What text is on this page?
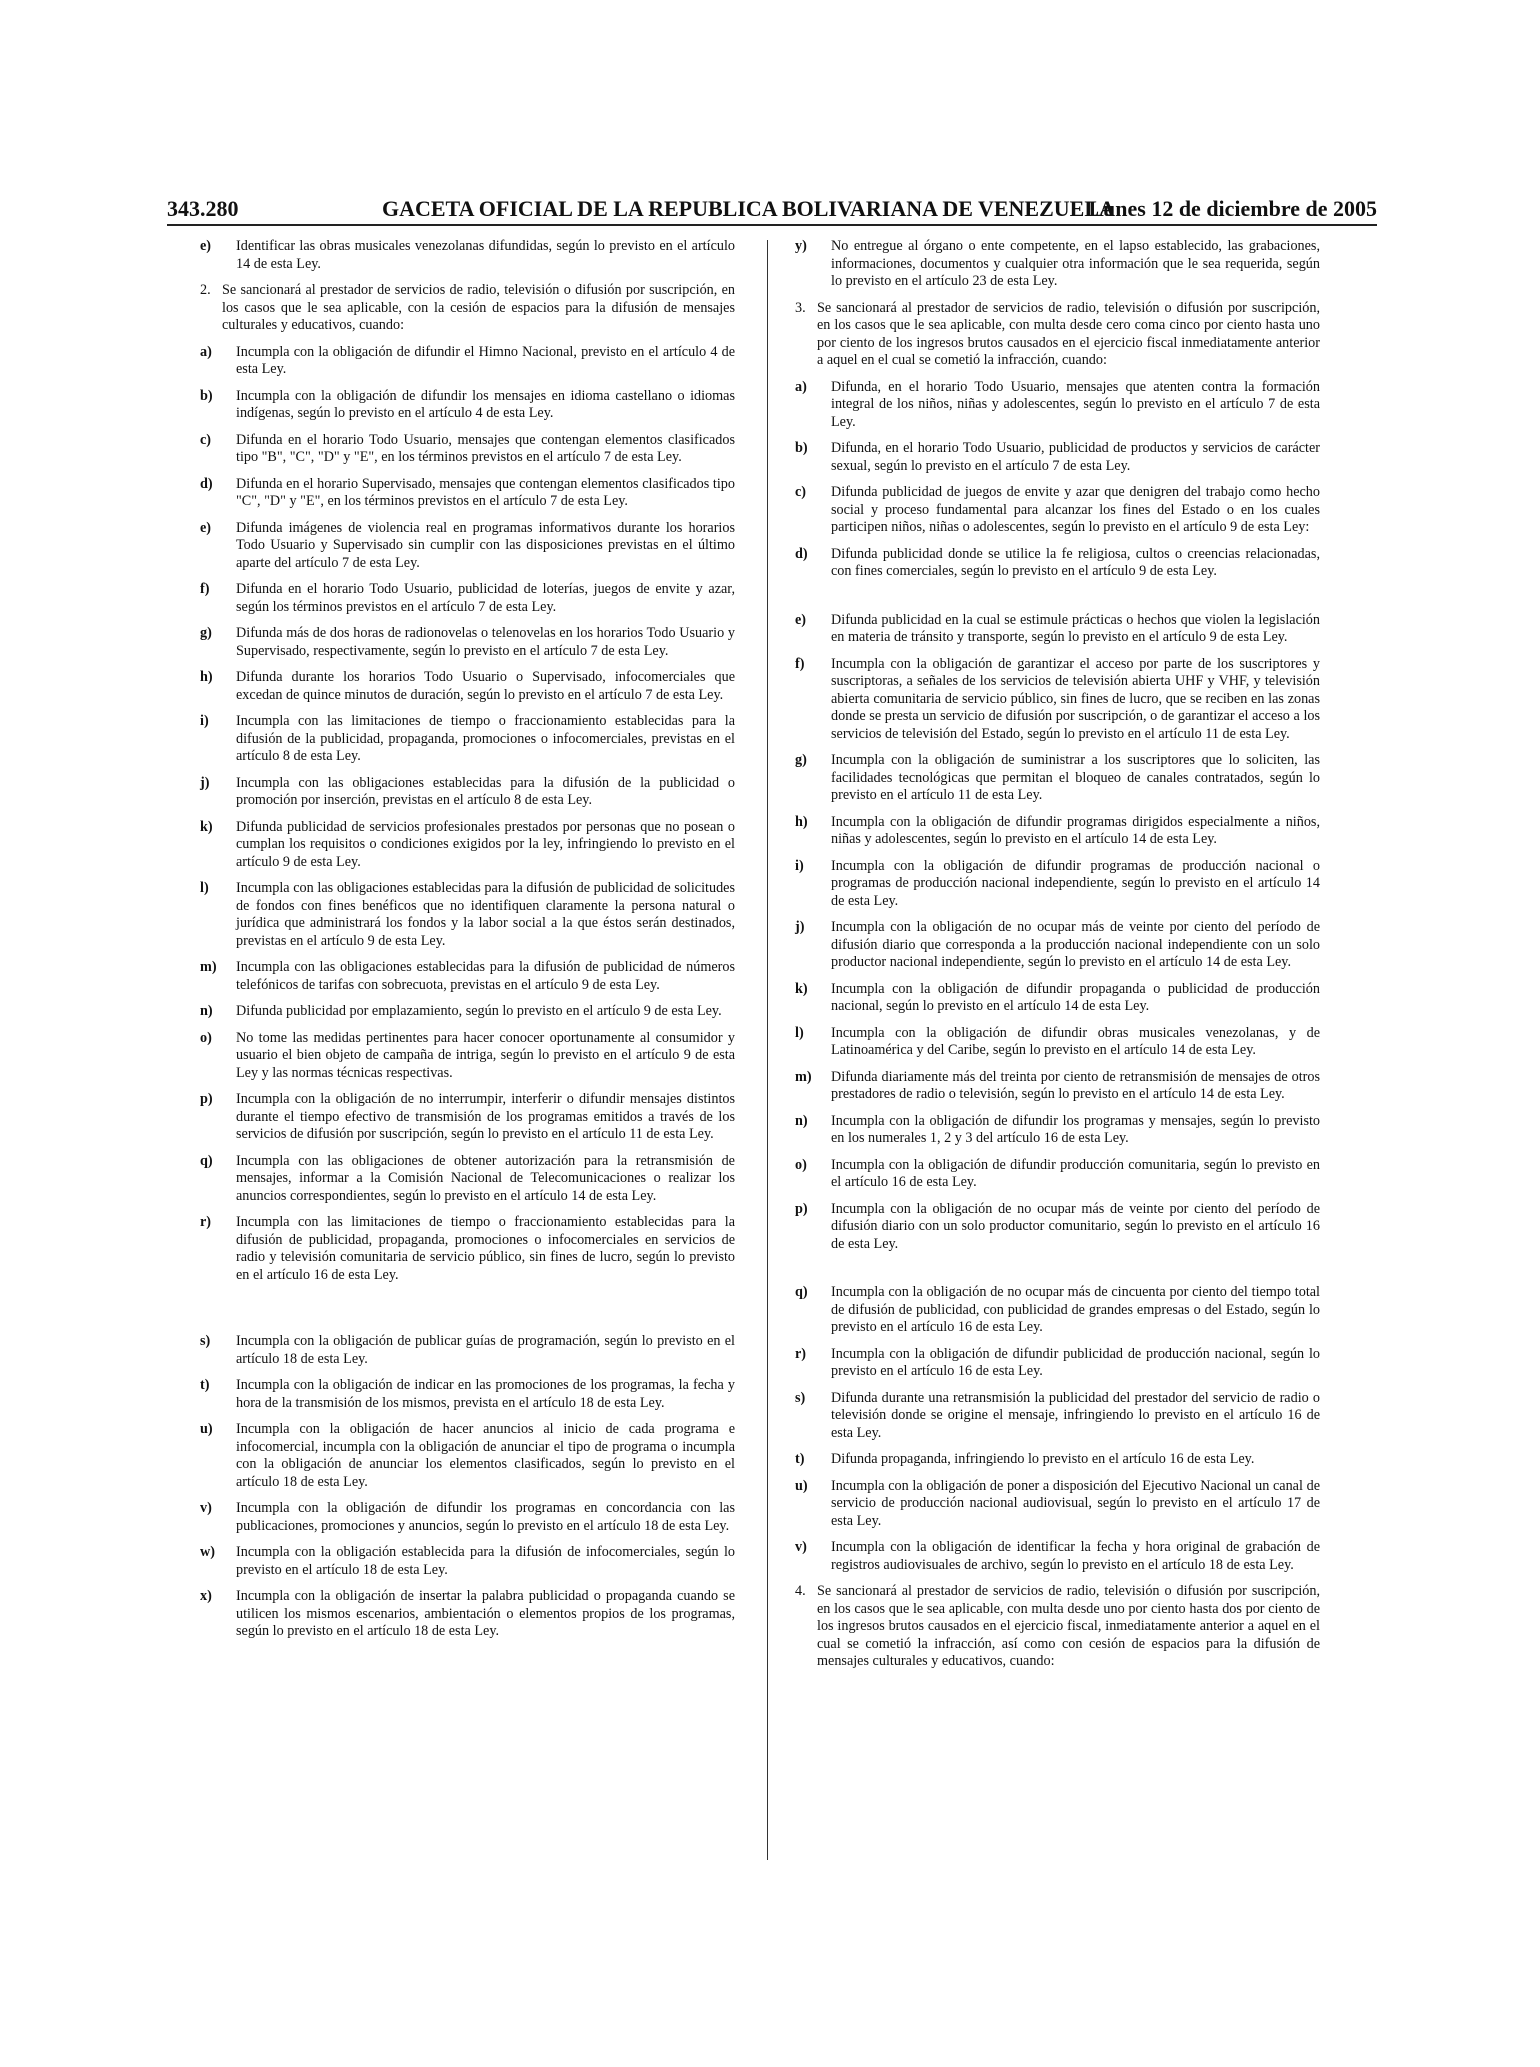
343.280	GACETA OFICIAL DE LA REPUBLICA BOLIVARIANA DE VENEZUELA
Lunes 12 de diciembre de 2005
e) Identificar las obras musicales venezolanas difundidas, según lo previsto en el artículo 14 de esta Ley.
2. Se sancionará al prestador de servicios de radio, televisión o difusión por suscripción, en los casos que le sea aplicable, con la cesión de espacios para la difusión de mensajes culturales y educativos, cuando:
a) Incumpla con la obligación de difundir el Himno Nacional, previsto en el artículo 4 de esta Ley.
b) Incumpla con la obligación de difundir los mensajes en idioma castellano o idiomas indígenas, según lo previsto en el artículo 4 de esta Ley.
c) Difunda en el horario Todo Usuario, mensajes que contengan elementos clasificados tipo "B", "C", "D" y "E", en los términos previstos en el artículo 7 de esta Ley.
d) Difunda en el horario Supervisado, mensajes que contengan elementos clasificados tipo "C", "D" y "E", en los términos previstos en el artículo 7 de esta Ley.
e) Difunda imágenes de violencia real en programas informativos durante los horarios Todo Usuario y Supervisado sin cumplir con las disposiciones previstas en el último aparte del artículo 7 de esta Ley.
f) Difunda en el horario Todo Usuario, publicidad de loterías, juegos de envite y azar, según los términos previstos en el artículo 7 de esta Ley.
g) Difunda más de dos horas de radionovelas o telenovelas en los horarios Todo Usuario y Supervisado, respectivamente, según lo previsto en el artículo 7 de esta Ley.
h) Difunda durante los horarios Todo Usuario o Supervisado, infocomerciales que excedan de quince minutos de duración, según lo previsto en el artículo 7 de esta Ley.
i) Incumpla con las limitaciones de tiempo o fraccionamiento establecidas para la difusión de la publicidad, propaganda, promociones o infocomerciales, previstas en el artículo 8 de esta Ley.
j) Incumpla con las obligaciones establecidas para la difusión de la publicidad o promoción por inserción, previstas en el artículo 8 de esta Ley.
k) Difunda publicidad de servicios profesionales prestados por personas que no posean o cumplan los requisitos o condiciones exigidos por la ley, infringiendo lo previsto en el artículo 9 de esta Ley.
l) Incumpla con las obligaciones establecidas para la difusión de publicidad de solicitudes de fondos con fines benéficos que no identifiquen claramente la persona natural o jurídica que administrará los fondos y la labor social a la que éstos serán destinados, previstas en el artículo 9 de esta Ley.
m) Incumpla con las obligaciones establecidas para la difusión de publicidad de números telefónicos de tarifas con sobrecuota, previstas en el artículo 9 de esta Ley.
n) Difunda publicidad por emplazamiento, según lo previsto en el artículo 9 de esta Ley.
o) No tome las medidas pertinentes para hacer conocer oportunamente al consumidor y usuario el bien objeto de campaña de intriga, según lo previsto en el artículo 9 de esta Ley y las normas técnicas respectivas.
p) Incumpla con la obligación de no interrumpir, interferir o difundir mensajes distintos durante el tiempo efectivo de transmisión de los programas emitidos a través de los servicios de difusión por suscripción, según lo previsto en el artículo 11 de esta Ley.
q) Incumpla con las obligaciones de obtener autorización para la retransmisión de mensajes, informar a la Comisión Nacional de Telecomunicaciones o realizar los anuncios correspondientes, según lo previsto en el artículo 14 de esta Ley.
r) Incumpla con las limitaciones de tiempo o fraccionamiento establecidas para la difusión de publicidad, propaganda, promociones o infocomerciales en servicios de radio y televisión comunitaria de servicio público, sin fines de lucro, según lo previsto en el artículo 16 de esta Ley.
s) Incumpla con la obligación de publicar guías de programación, según lo previsto en el artículo 18 de esta Ley.
t) Incumpla con la obligación de indicar en las promociones de los programas, la fecha y hora de la transmisión de los mismos, prevista en el artículo 18 de esta Ley.
u) Incumpla con la obligación de hacer anuncios al inicio de cada programa e infocomercial, incumpla con la obligación de anunciar el tipo de programa o incumpla con la obligación de anunciar los elementos clasificados, según lo previsto en el artículo 18 de esta Ley.
v) Incumpla con la obligación de difundir los programas en concordancia con las publicaciones, promociones y anuncios, según lo previsto en el artículo 18 de esta Ley.
w) Incumpla con la obligación establecida para la difusión de infocomerciales, según lo previsto en el artículo 18 de esta Ley.
x) Incumpla con la obligación de insertar la palabra publicidad o propaganda cuando se utilicen los mismos escenarios, ambientación o elementos propios de los programas, según lo previsto en el artículo 18 de esta Ley.
y) No entregue al órgano o ente competente, en el lapso establecido, las grabaciones, informaciones, documentos y cualquier otra información que le sea requerida, según lo previsto en el artículo 23 de esta Ley.
3. Se sancionará al prestador de servicios de radio, televisión o difusión por suscripción, en los casos que le sea aplicable, con multa desde cero coma cinco por ciento hasta uno por ciento de los ingresos brutos causados en el ejercicio fiscal inmediatamente anterior a aquel en el cual se cometió la infracción, cuando:
a) Difunda, en el horario Todo Usuario, mensajes que atenten contra la formación integral de los niños, niñas y adolescentes, según lo previsto en el artículo 7 de esta Ley.
b) Difunda, en el horario Todo Usuario, publicidad de productos y servicios de carácter sexual, según lo previsto en el artículo 7 de esta Ley.
c) Difunda publicidad de juegos de envite y azar que denigren del trabajo como hecho social y proceso fundamental para alcanzar los fines del Estado o en los cuales participen niños, niñas o adolescentes, según lo previsto en el artículo 9 de esta Ley:
d) Difunda publicidad donde se utilice la fe religiosa, cultos o creencias relacionadas, con fines comerciales, según lo previsto en el artículo 9 de esta Ley.
e) Difunda publicidad en la cual se estimule prácticas o hechos que violen la legislación en materia de tránsito y transporte, según lo previsto en el artículo 9 de esta Ley.
f) Incumpla con la obligación de garantizar el acceso por parte de los suscriptores y suscriptoras, a señales de los servicios de televisión abierta UHF y VHF, y televisión abierta comunitaria de servicio público, sin fines de lucro, que se reciben en las zonas donde se presta un servicio de difusión por suscripción, o de garantizar el acceso a los servicios de televisión del Estado, según lo previsto en el artículo 11 de esta Ley.
g) Incumpla con la obligación de suministrar a los suscriptores que lo soliciten, las facilidades tecnológicas que permitan el bloqueo de canales contratados, según lo previsto en el artículo 11 de esta Ley.
h) Incumpla con la obligación de difundir programas dirigidos especialmente a niños, niñas y adolescentes, según lo previsto en el artículo 14 de esta Ley.
i) Incumpla con la obligación de difundir programas de producción nacional o programas de producción nacional independiente, según lo previsto en el artículo 14 de esta Ley.
j) Incumpla con la obligación de no ocupar más de veinte por ciento del período de difusión diario que corresponda a la producción nacional independiente con un solo productor nacional independiente, según lo previsto en el artículo 14 de esta Ley.
k) Incumpla con la obligación de difundir propaganda o publicidad de producción nacional, según lo previsto en el artículo 14 de esta Ley.
l) Incumpla con la obligación de difundir obras musicales venezolanas, y de Latinoamérica y del Caribe, según lo previsto en el artículo 14 de esta Ley.
m) Difunda diariamente más del treinta por ciento de retransmisión de mensajes de otros prestadores de radio o televisión, según lo previsto en el artículo 14 de esta Ley.
n) Incumpla con la obligación de difundir los programas y mensajes, según lo previsto en los numerales 1, 2 y 3 del artículo 16 de esta Ley.
o) Incumpla con la obligación de difundir producción comunitaria, según lo previsto en el artículo 16 de esta Ley.
p) Incumpla con la obligación de no ocupar más de veinte por ciento del período de difusión diario con un solo productor comunitario, según lo previsto en el artículo 16 de esta Ley.
q) Incumpla con la obligación de no ocupar más de cincuenta por ciento del tiempo total de difusión de publicidad, con publicidad de grandes empresas o del Estado, según lo previsto en el artículo 16 de esta Ley.
r) Incumpla con la obligación de difundir publicidad de producción nacional, según lo previsto en el artículo 16 de esta Ley.
s) Difunda durante una retransmisión la publicidad del prestador del servicio de radio o televisión donde se origine el mensaje, infringiendo lo previsto en el artículo 16 de esta Ley.
t) Difunda propaganda, infringiendo lo previsto en el artículo 16 de esta Ley.
u) Incumpla con la obligación de poner a disposición del Ejecutivo Nacional un canal de servicio de producción nacional audiovisual, según lo previsto en el artículo 17 de esta Ley.
v) Incumpla con la obligación de identificar la fecha y hora original de grabación de registros audiovisuales de archivo, según lo previsto en el artículo 18 de esta Ley.
4. Se sancionará al prestador de servicios de radio, televisión o difusión por suscripción, en los casos que le sea aplicable, con multa desde uno por ciento hasta dos por ciento de los ingresos brutos causados en el ejercicio fiscal, inmediatamente anterior a aquel en el cual se cometió la infracción, así como con cesión de espacios para la difusión de mensajes culturales y educativos, cuando:
